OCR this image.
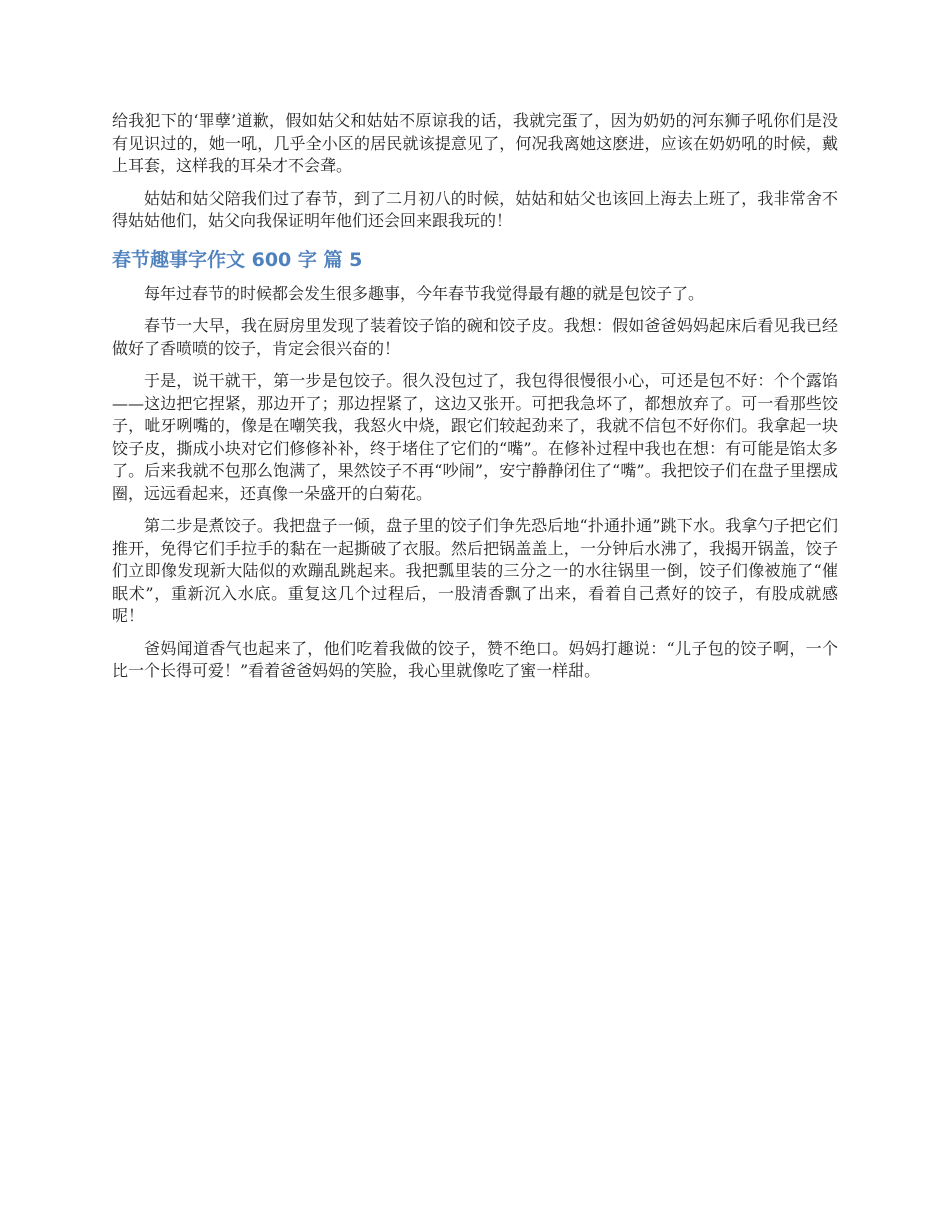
给我犯下的‘罪孽’道歉，假如姑父和姑姑不原谅我的话，我就完蛋了，因为奶奶的河东狮子吼你们是没有见识过的，她一吼，几乎全小区的居民就该提意见了，何况我离她这麽进，应该在奶奶吼的时候，戴上耳套，这样我的耳朵才不会聋。

姑姑和姑父陪我们过了春节，到了二月初八的时候，姑姑和姑父也该回上海去上班了，我非常舍不得姑姑他们，姑父向我保证明年他们还会回来跟我玩的！

春节趣事字作文 600 字 篇 5

每年过春节的时候都会发生很多趣事，今年春节我觉得最有趣的就是包饺子了。

春节一大早，我在厨房里发现了装着饺子馅的碗和饺子皮。我想：假如爸爸妈妈起床后看见我已经做好了香喷喷的饺子，肯定会很兴奋的！

于是，说干就干，第一步是包饺子。很久没包过了，我包得很慢很小心，可还是包不好：个个露馅——这边把它捏紧，那边开了；那边捏紧了，这边又张开。可把我急坏了，都想放弃了。可一看那些饺子，呲牙咧嘴的，像是在嘲笑我，我怒火中烧，跟它们较起劲来了，我就不信包不好你们。我拿起一块饺子皮，撕成小块对它们修修补补，终于堵住了它们的“嘴”。在修补过程中我也在想：有可能是馅太多了。后来我就不包那么饱满了，果然饺子不再“吵闹”，安宁静静闭住了“嘴”。我把饺子们在盘子里摆成圈，远远看起来，还真像一朵盛开的白菊花。

第二步是煮饺子。我把盘子一倾，盘子里的饺子们争先恐后地“扑通扑通”跳下水。我拿勺子把它们推开，免得它们手拉手的黏在一起撕破了衣服。然后把锅盖盖上，一分钟后水沸了，我揭开锅盖，饺子们立即像发现新大陆似的欢蹦乱跳起来。我把瓢里装的三分之一的水往锅里一倒，饺子们像被施了“催眠术”，重新沉入水底。重复这几个过程后，一股清香飘了出来，看着自己煮好的饺子，有股成就感呢！

爸妈闻道香气也起来了，他们吃着我做的饺子，赞不绝口。妈妈打趣说：“儿子包的饺子啊，一个比一个长得可爱！”看着爸爸妈妈的笑脸，我心里就像吃了蜜一样甜。
